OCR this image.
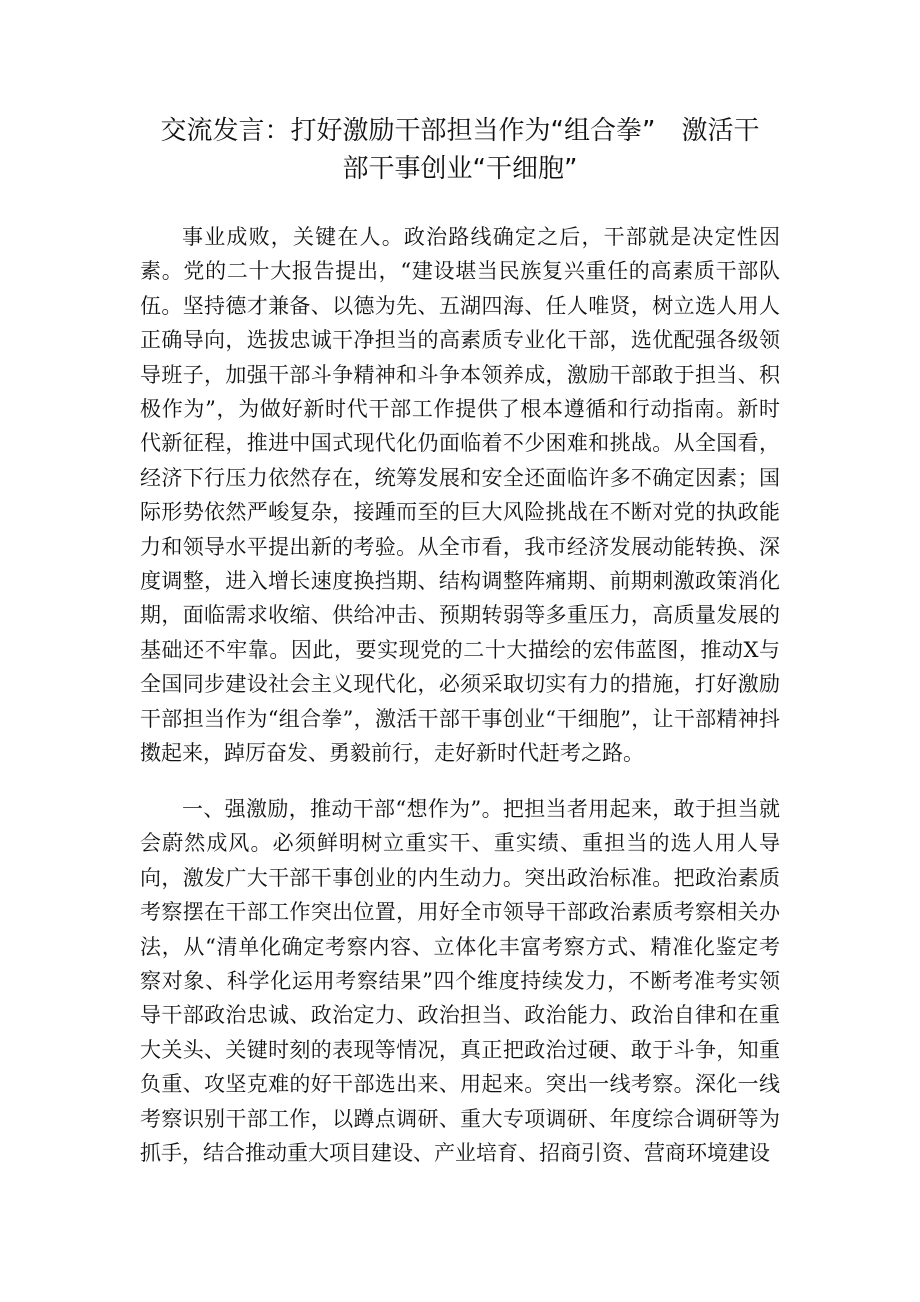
交流发言：打好激励干部担当作为“组合拳”　激活干
部干事创业“干细胞”

事业成败，关键在人。政治路线确定之后，干部就是决定性因素。党的二十大报告提出，“建设堪当民族复兴重任的高素质干部队伍。坚持德才兼备、以德为先、五湖四海、任人唯贤，树立选人用人正确导向，选拔忠诚干净担当的高素质专业化干部，选优配强各级领导班子，加强干部斗争精神和斗争本领养成，激励干部敢于担当、积极作为”，为做好新时代干部工作提供了根本遵循和行动指南。新时代新征程，推进中国式现代化仍面临着不少困难和挑战。从全国看，经济下行压力依然存在，统筹发展和安全还面临许多不确定因素；国际形势依然严峻复杂，接踵而至的巨大风险挑战在不断对党的执政能力和领导水平提出新的考验。从全市看，我市经济发展动能转换、深度调整，进入增长速度换挡期、结构调整阵痛期、前期刺激政策消化期，面临需求收缩、供给冲击、预期转弱等多重压力，高质量发展的基础还不牢靠。因此，要实现党的二十大描绘的宏伟蓝图，推动X与全国同步建设社会主义现代化，必须采取切实有力的措施，打好激励干部担当作为“组合拳”，激活干部干事创业“干细胞”，让干部精神抖擞起来，踔厉奋发、勇毅前行，走好新时代赶考之路。

一、强激励，推动干部“想作为”。把担当者用起来，敢于担当就会蔚然成风。必须鲜明树立重实干、重实绩、重担当的选人用人导向，激发广大干部干事创业的内生动力。突出政治标准。把政治素质考察摆在干部工作突出位置，用好全市领导干部政治素质考察相关办法，从“清单化确定考察内容、立体化丰富考察方式、精准化鉴定考察对象、科学化运用考察结果”四个维度持续发力，不断考准考实领导干部政治忠诚、政治定力、政治担当、政治能力、政治自律和在重大关头、关键时刻的表现等情况，真正把政治过硬、敢于斗争，知重负重、攻坚克难的好干部选出来、用起来。突出一线考察。深化一线考察识别干部工作，以蹲点调研、重大专项调研、年度综合调研等为抓手，结合推动重大项目建设、产业培育、招商引资、营商环境建设
